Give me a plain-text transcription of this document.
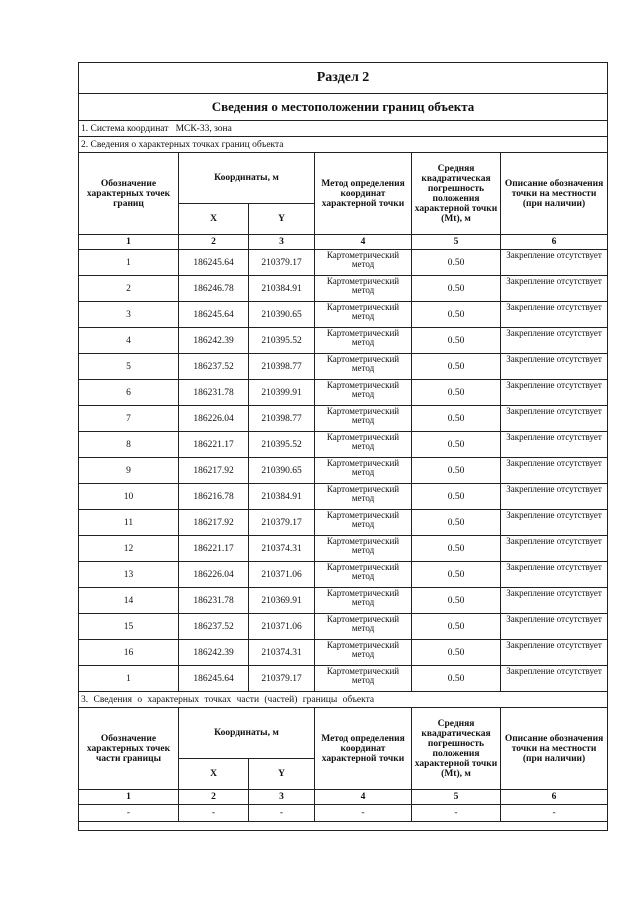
Раздел 2					
Сведения о местоположении границ объекта					
1. Система координат МСК-33, зона					
2. Сведения о характерных точках границ объекта					
Обозначение характерных точек границ	Координаты, м		Метод определения координат характерной точки	Средняя квадратическая погрешность положения характерной точки (Mt), м	Описание обозначения точки на местности (при наличии)
	X	Y			
1	2	3	4	5	6
1	186245.64	210379.17	Картометрический метод	0.50	Закрепление отсутствует
2	186246.78	210384.91	Картометрический метод	0.50	Закрепление отсутствует
3	186245.64	210390.65	Картометрический метод	0.50	Закрепление отсутствует
4	186242.39	210395.52	Картометрический метод	0.50	Закрепление отсутствует
5	186237.52	210398.77	Картометрический метод	0.50	Закрепление отсутствует
6	186231.78	210399.91	Картометрический метод	0.50	Закрепление отсутствует
7	186226.04	210398.77	Картометрический метод	0.50	Закрепление отсутствует
8	186221.17	210395.52	Картометрический метод	0.50	Закрепление отсутствует
9	186217.92	210390.65	Картометрический метод	0.50	Закрепление отсутствует
10	186216.78	210384.91	Картометрический метод	0.50	Закрепление отсутствует
11	186217.92	210379.17	Картометрический метод	0.50	Закрепление отсутствует
12	186221.17	210374.31	Картометрический метод	0.50	Закрепление отсутствует
13	186226.04	210371.06	Картометрический метод	0.50	Закрепление отсутствует
14	186231.78	210369.91	Картометрический метод	0.50	Закрепление отсутствует
15	186237.52	210371.06	Картометрический метод	0.50	Закрепление отсутствует
16	186242.39	210374.31	Картометрический метод	0.50	Закрепление отсутствует
1	186245.64	210379.17	Картометрический метод	0.50	Закрепление отсутствует
3. Сведения о характерных точках части (частей) границы объекта					
Обозначение характерных точек части границы	Координаты, м		Метод определения координат характерной точки	Средняя квадратическая погрешность положения характерной точки (Mt), м	Описание обозначения точки на местности (при наличии)
	X	Y			
1	2	3	4	5	6
-	-	-	-	-	-
